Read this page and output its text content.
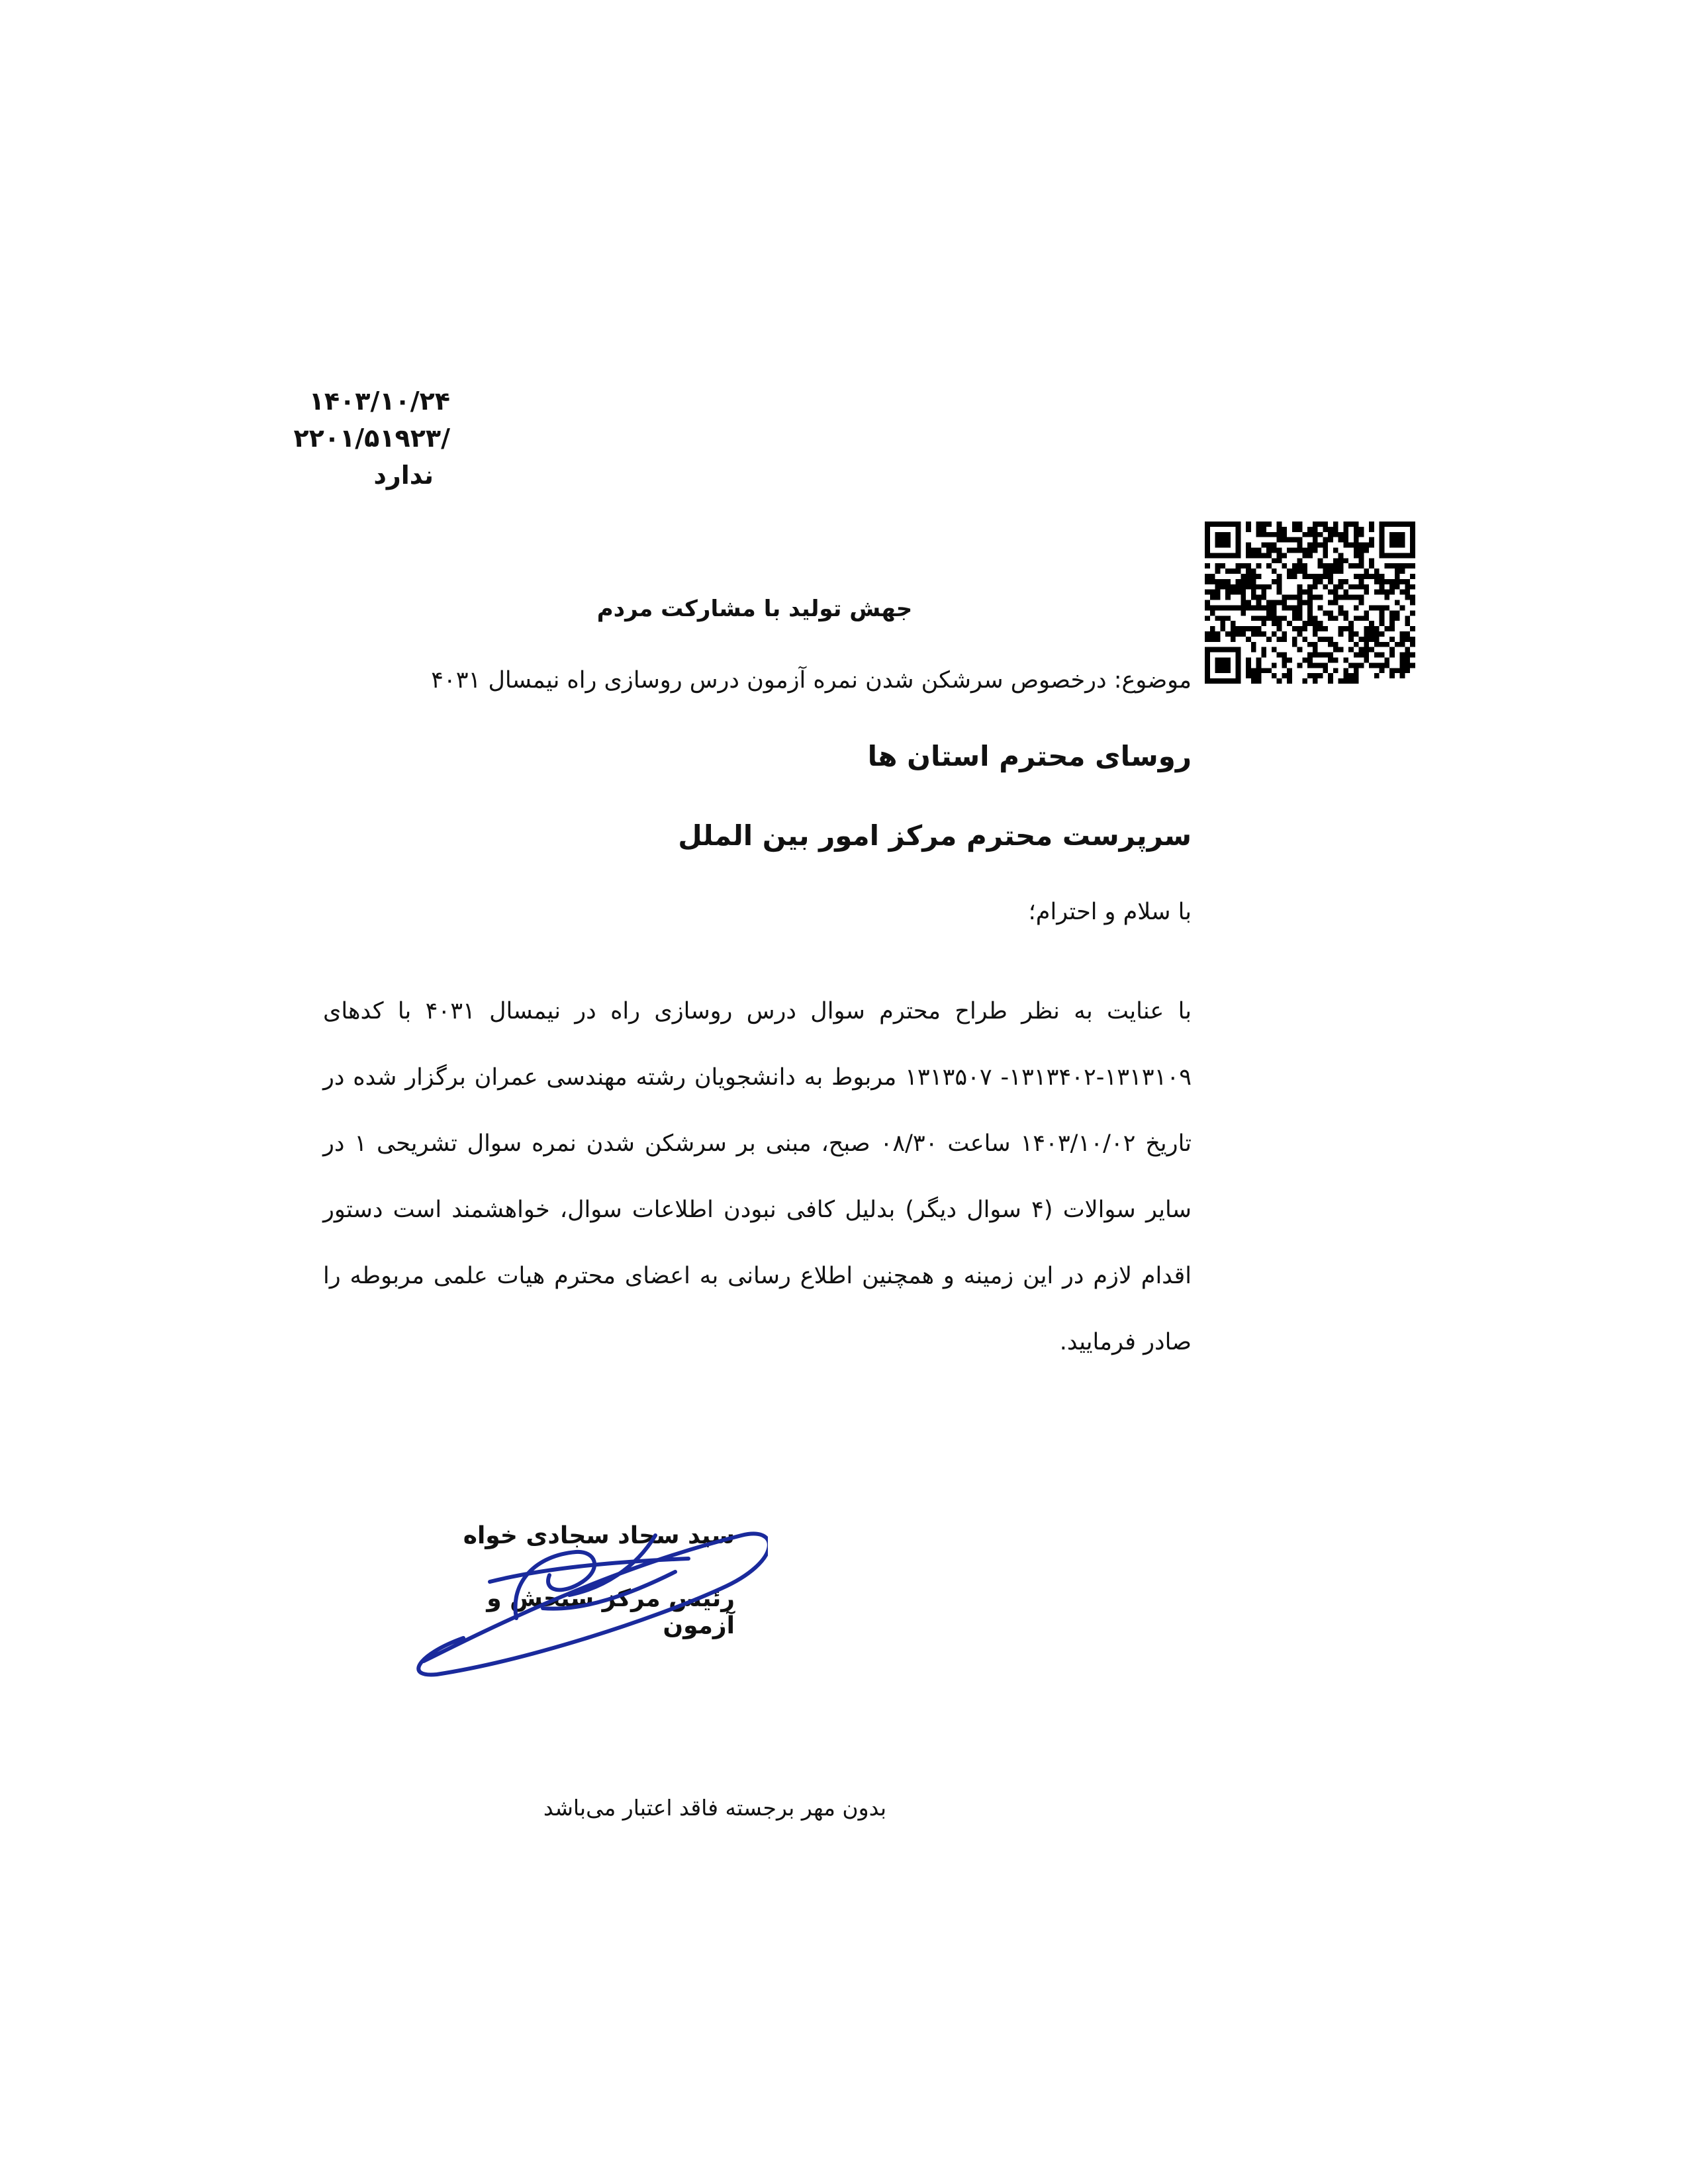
۱۴۰۳/۱۰/۲۴
/۲۲۰۱/۵۱۹۲۳
ندارد
جهش تولید با مشارکت مردم
موضوع: درخصوص سرشکن شدن نمره آزمون درس روسازی راه نیمسال ۴۰۳۱
روسای محترم استان ها
سرپرست محترم مرکز امور بین الملل
با سلام و احترام؛
با عنایت به نظر طراح محترم سوال درس روسازی راه در نیمسال ۴۰۳۱ با کدهای ۱۳۱۳۱۰۹-۱۳۱۳۴۰۲- ۱۳۱۳۵۰۷ مربوط به دانشجویان رشته مهندسی عمران برگزار شده در تاریخ ۱۴۰۳/۱۰/۰۲ ساعت ۰۸/۳۰ صبح، مبنی بر سرشکن شدن نمره سوال تشریحی ۱ در سایر سوالات (۴ سوال دیگر) بدلیل کافی نبودن اطلاعات سوال، خواهشمند است دستور اقدام لازم در این زمینه و همچنین اطلاع رسانی به اعضای محترم هیات علمی مربوطه را صادر فرمایید.
سید سجاد سجادی خواه
رئیس مرکز سنجش و آزمون
بدون مهر برجسته فاقد اعتبار می‌باشد
